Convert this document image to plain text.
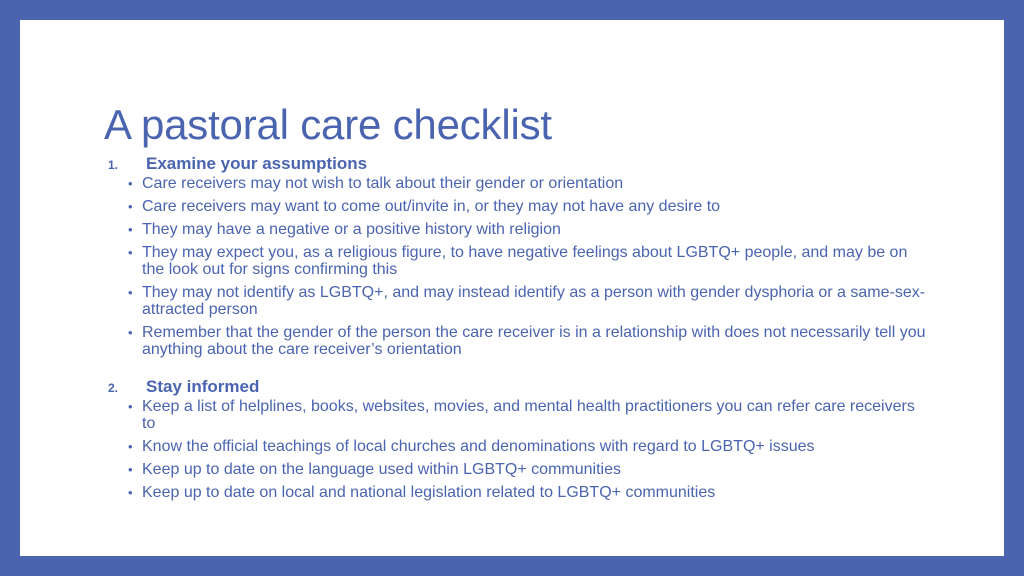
A pastoral care checklist
1.	Examine your assumptions
• Care receivers may not wish to talk about their gender or orientation
• Care receivers may want to come out/invite in, or they may not have any desire to
• They may have a negative or a positive history with religion
• They may expect you, as a religious figure, to have negative feelings about LGBTQ+ people, and may be on the look out for signs confirming this
• They may not identify as LGBTQ+, and may instead identify as a person with gender dysphoria or a same-sex-attracted person
• Remember that the gender of the person the care receiver is in a relationship with does not necessarily tell you anything about the care receiver’s orientation
2.	Stay informed
• Keep a list of helplines, books, websites, movies, and mental health practitioners you can refer care receivers to
• Know the official teachings of local churches and denominations with regard to LGBTQ+ issues
• Keep up to date on the language used within LGBTQ+ communities
• Keep up to date on local and national legislation related to LGBTQ+ communities
